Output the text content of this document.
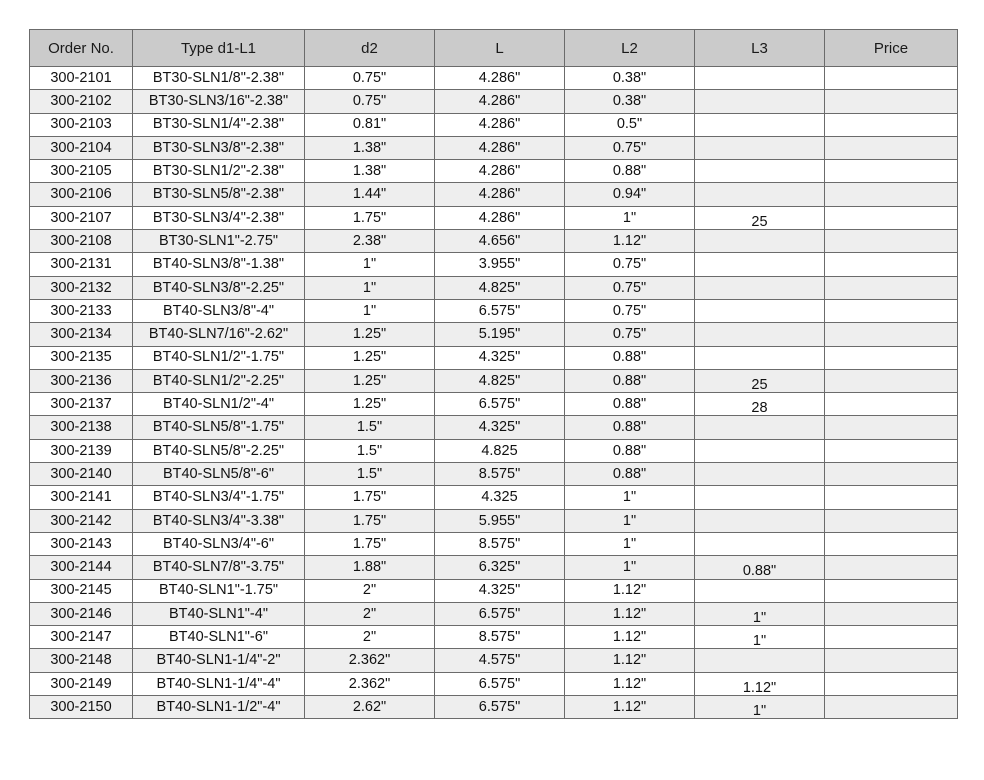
Order No.	Type d1-L1	d2	L	L2	L3	Price
300-2101	BT30-SLN1/8"-2.38"	0.75"	4.286"	0.38"		
300-2102	BT30-SLN3/16"-2.38"	0.75"	4.286"	0.38"		
300-2103	BT30-SLN1/4"-2.38"	0.81"	4.286"	0.5"		
300-2104	BT30-SLN3/8"-2.38"	1.38"	4.286"	0.75"		
300-2105	BT30-SLN1/2"-2.38"	1.38"	4.286"	0.88"		
300-2106	BT30-SLN5/8"-2.38"	1.44"	4.286"	0.94"		
300-2107	BT30-SLN3/4"-2.38"	1.75"	4.286"	1"	25	
300-2108	BT30-SLN1"-2.75"	2.38"	4.656"	1.12"		
300-2131	BT40-SLN3/8"-1.38"	1"	3.955"	0.75"		
300-2132	BT40-SLN3/8"-2.25"	1"	4.825"	0.75"		
300-2133	BT40-SLN3/8"-4"	1"	6.575"	0.75"		
300-2134	BT40-SLN7/16"-2.62"	1.25"	5.195"	0.75"		
300-2135	BT40-SLN1/2"-1.75"	1.25"	4.325"	0.88"		
300-2136	BT40-SLN1/2"-2.25"	1.25"	4.825"	0.88"	25	
300-2137	BT40-SLN1/2"-4"	1.25"	6.575"	0.88"	28	
300-2138	BT40-SLN5/8"-1.75"	1.5"	4.325"	0.88"		
300-2139	BT40-SLN5/8"-2.25"	1.5"	4.825	0.88"		
300-2140	BT40-SLN5/8"-6"	1.5"	8.575"	0.88"		
300-2141	BT40-SLN3/4"-1.75"	1.75"	4.325	1"		
300-2142	BT40-SLN3/4"-3.38"	1.75"	5.955"	1"		
300-2143	BT40-SLN3/4"-6"	1.75"	8.575"	1"		
300-2144	BT40-SLN7/8"-3.75"	1.88"	6.325"	1"	0.88"	
300-2145	BT40-SLN1"-1.75"	2"	4.325"	1.12"		
300-2146	BT40-SLN1"-4"	2"	6.575"	1.12"	1"	
300-2147	BT40-SLN1"-6"	2"	8.575"	1.12"	1"	
300-2148	BT40-SLN1-1/4"-2"	2.362"	4.575"	1.12"		
300-2149	BT40-SLN1-1/4"-4"	2.362"	6.575"	1.12"	1.12"	
300-2150	BT40-SLN1-1/2"-4"	2.62"	6.575"	1.12"	1"	
